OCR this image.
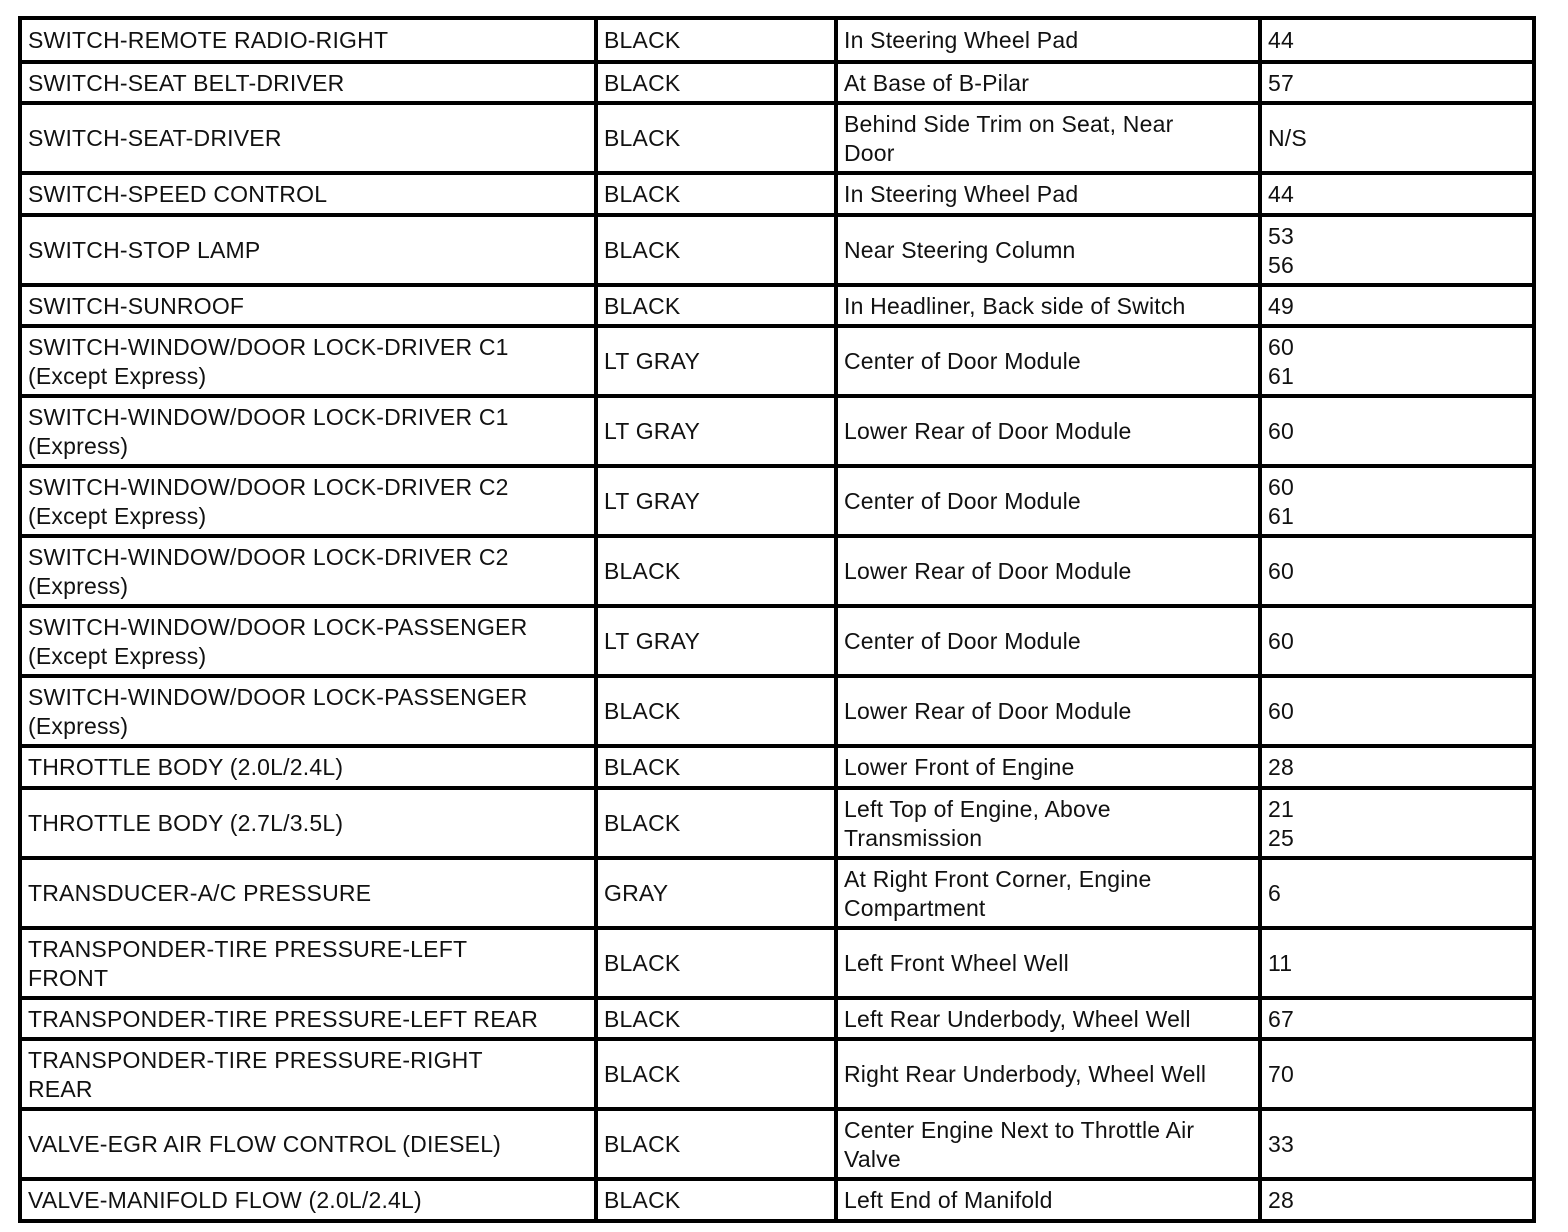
SWITCH-REMOTE RADIO-RIGHT	BLACK	In Steering Wheel Pad	44

SWITCH-SEAT BELT-DRIVER	BLACK	At Base of B-Pilar	57

SWITCH-SEAT-DRIVER	BLACK	Behind Side Trim on Seat, Near
Door	N/S

SWITCH-SPEED CONTROL	BLACK	In Steering Wheel Pad	44

SWITCH-STOP LAMP	BLACK	Near Steering Column	53
56

SWITCH-SUNROOF	BLACK	In Headliner, Back side of Switch	49

SWITCH-WINDOW/DOOR LOCK-DRIVER C1
(Except Express)	LT GRAY	Center of Door Module	60
61

SWITCH-WINDOW/DOOR LOCK-DRIVER C1
(Express)	LT GRAY	Lower Rear of Door Module	60

SWITCH-WINDOW/DOOR LOCK-DRIVER C2
(Except Express)	LT GRAY	Center of Door Module	60
61

SWITCH-WINDOW/DOOR LOCK-DRIVER C2
(Express)	BLACK	Lower Rear of Door Module	60

SWITCH-WINDOW/DOOR LOCK-PASSENGER
(Except Express)	LT GRAY	Center of Door Module	60

SWITCH-WINDOW/DOOR LOCK-PASSENGER
(Express)	BLACK	Lower Rear of Door Module	60

THROTTLE BODY (2.0L/2.4L)	BLACK	Lower Front of Engine	28

THROTTLE BODY (2.7L/3.5L)	BLACK	Left Top of Engine, Above
Transmission	21
25

TRANSDUCER-A/C PRESSURE	GRAY	At Right Front Corner, Engine
Compartment	6

TRANSPONDER-TIRE PRESSURE-LEFT
FRONT	BLACK	Left Front Wheel Well	11

TRANSPONDER-TIRE PRESSURE-LEFT REAR	BLACK	Left Rear Underbody, Wheel Well	67

TRANSPONDER-TIRE PRESSURE-RIGHT
REAR	BLACK	Right Rear Underbody, Wheel Well	70

VALVE-EGR AIR FLOW CONTROL (DIESEL)	BLACK	Center Engine Next to Throttle Air
Valve	33

VALVE-MANIFOLD FLOW (2.0L/2.4L)	BLACK	Left End of Manifold	28
